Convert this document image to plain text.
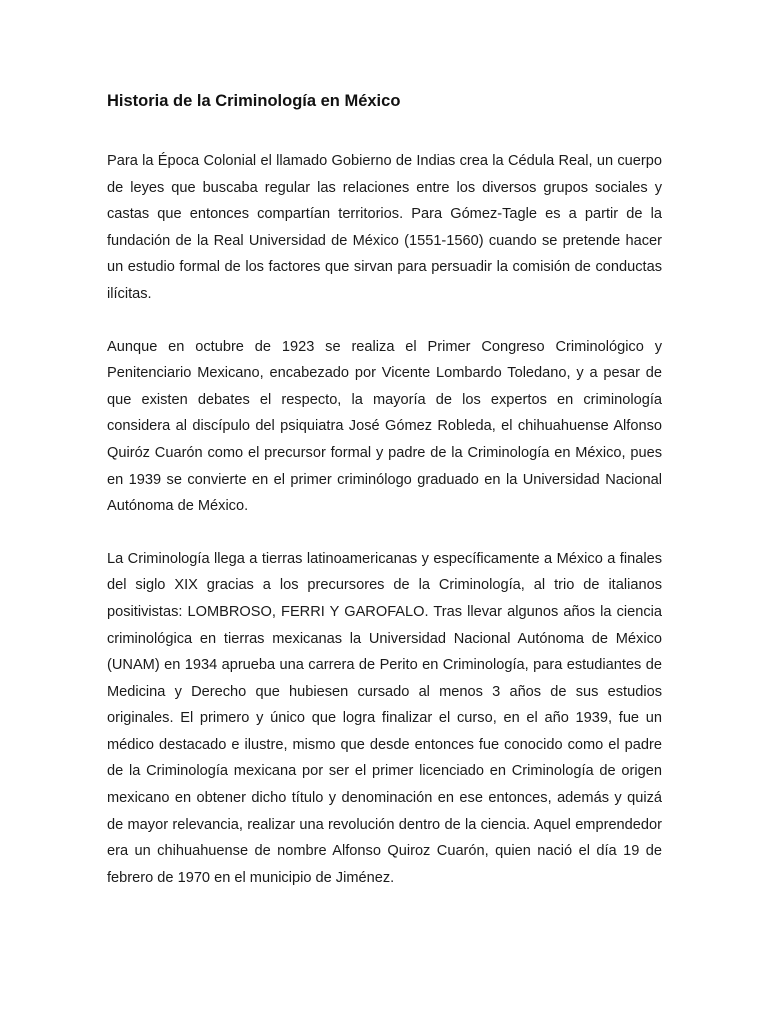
Historia de la Criminología en México

Para la Época Colonial el llamado Gobierno de Indias crea la Cédula Real, un cuerpo de leyes que buscaba regular las relaciones entre los diversos grupos sociales y castas que entonces compartían territorios. Para Gómez-Tagle es a partir de la fundación de la Real Universidad de México (1551-1560) cuando se pretende hacer un estudio formal de los factores que sirvan para persuadir la comisión de conductas ilícitas.

Aunque en octubre de 1923 se realiza el Primer Congreso Criminológico y Penitenciario Mexicano, encabezado por Vicente Lombardo Toledano, y a pesar de que existen debates el respecto, la mayoría de los expertos en criminología considera al discípulo del psiquiatra José Gómez Robleda, el chihuahuense Alfonso Quiróz Cuarón como el precursor formal y padre de la Criminología en México, pues en 1939 se convierte en el primer criminólogo graduado en la Universidad Nacional Autónoma de México.

La Criminología llega a tierras latinoamericanas y específicamente a México a finales del siglo XIX gracias a los precursores de la Criminología, al trio de italianos positivistas: LOMBROSO, FERRI Y GAROFALO. Tras llevar algunos años la ciencia criminológica en tierras mexicanas la Universidad Nacional Autónoma de México (UNAM) en 1934 aprueba una carrera de Perito en Criminología, para estudiantes de Medicina y Derecho que hubiesen cursado al menos 3 años de sus estudios originales. El primero y único que logra finalizar el curso, en el año 1939, fue un médico destacado e ilustre, mismo que desde entonces fue conocido como el padre de la Criminología mexicana por ser el primer licenciado en Criminología de origen mexicano en obtener dicho título y denominación en ese entonces, además y quizá de mayor relevancia, realizar una revolución dentro de la ciencia. Aquel emprendedor era un chihuahuense de nombre Alfonso Quiroz Cuarón, quien nació el día 19 de febrero de 1970 en el municipio de Jiménez.
